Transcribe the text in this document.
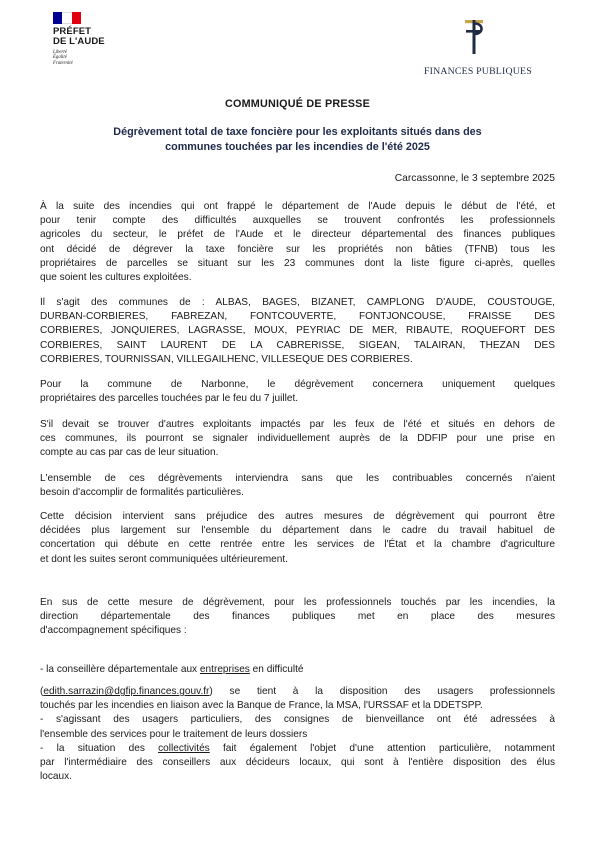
PRÉFET
DE L'AUDE
Liberté
Égalité
Fraternité
FINANCES PUBLIQUES
COMMUNIQUÉ DE PRESSE
Dégrèvement total de taxe foncière pour les exploitants situés dans des
communes touchées par les incendies de l'été 2025
Carcassonne, le 3 septembre 2025
À la suite des incendies qui ont frappé le département de l'Aude depuis le début de l'été, et
pour tenir compte des difficultés auxquelles se trouvent confrontés les professionnels
agricoles du secteur, le préfet de l'Aude et le directeur départemental des finances publiques
ont décidé de dégrever la taxe foncière sur les propriétés non bâties (TFNB) tous les
propriétaires de parcelles se situant sur les 23 communes dont la liste figure ci-après, quelles
que soient les cultures exploitées.
Il s'agit des communes de : ALBAS, BAGES, BIZANET, CAMPLONG D'AUDE, COUSTOUGE,
DURBAN-CORBIERES, FABREZAN, FONTCOUVERTE, FONTJONCOUSE, FRAISSE DES
CORBIERES, JONQUIERES, LAGRASSE, MOUX, PEYRIAC DE MER, RIBAUTE, ROQUEFORT DES
CORBIERES, SAINT LAURENT DE LA CABRERISSE, SIGEAN, TALAIRAN, THEZAN DES
CORBIERES, TOURNISSAN, VILLEGAILHENC, VILLESEQUE DES CORBIERES.
Pour la commune de Narbonne, le dégrèvement concernera uniquement quelques
propriétaires des parcelles touchées par le feu du 7 juillet.
S'il devait se trouver d'autres exploitants impactés par les feux de l'été et situés en dehors de
ces communes, ils pourront se signaler individuellement auprès de la DDFIP pour une prise en
compte au cas par cas de leur situation.
L'ensemble de ces dégrèvements interviendra sans que les contribuables concernés n'aient
besoin d'accomplir de formalités particulières.
Cette décision intervient sans préjudice des autres mesures de dégrèvement qui pourront être
décidées plus largement sur l'ensemble du département dans le cadre du travail habituel de
concertation qui débute en cette rentrée entre les services de l'État et la chambre d'agriculture
et dont les suites seront communiquées ultérieurement.
En sus de cette mesure de dégrèvement, pour les professionnels touchés par les incendies, la
direction départementale des finances publiques met en place des mesures
d'accompagnement spécifiques :
- la conseillère départementale aux entreprises en difficulté
(edith.sarrazin@dgfip.finances.gouv.fr) se tient à la disposition des usagers professionnels
touchés par les incendies en liaison avec la Banque de France, la MSA, l'URSSAF et la DDETSPP.
- s'agissant des usagers particuliers, des consignes de bienveillance ont été adressées à
l'ensemble des services pour le traitement de leurs dossiers
- la situation des collectivités fait également l'objet d'une attention particulière, notamment
par l'intermédiaire des conseillers aux décideurs locaux, qui sont à l'entière disposition des élus
locaux.
